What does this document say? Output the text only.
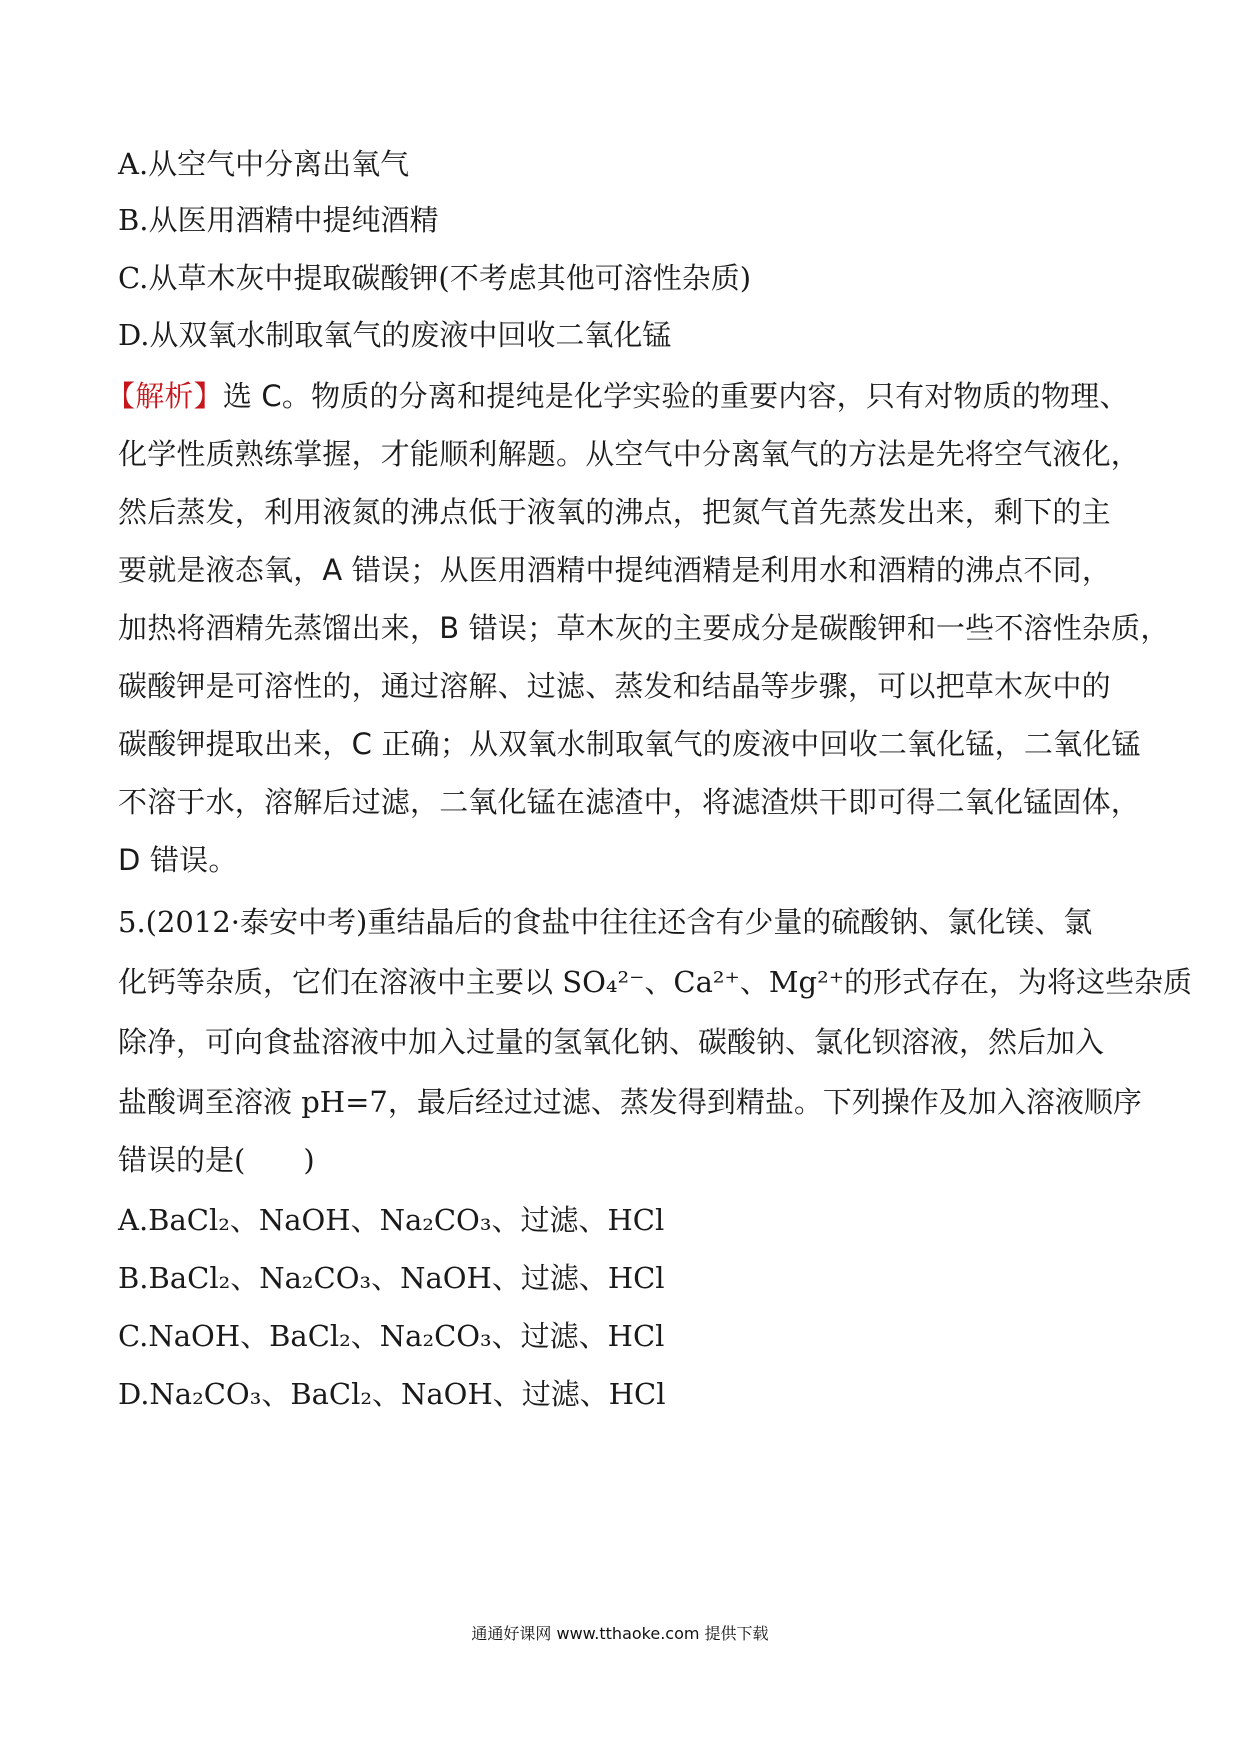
A.从空气中分离出氧气
B.从医用酒精中提纯酒精
C.从草木灰中提取碳酸钾(不考虑其他可溶性杂质)
D.从双氧水制取氧气的废液中回收二氧化锰
【解析】选 C。物质的分离和提纯是化学实验的重要内容，只有对物质的物理、
化学性质熟练掌握，才能顺利解题。从空气中分离氧气的方法是先将空气液化，
然后蒸发，利用液氮的沸点低于液氧的沸点，把氮气首先蒸发出来，剩下的主
要就是液态氧，A 错误；从医用酒精中提纯酒精是利用水和酒精的沸点不同，
加热将酒精先蒸馏出来，B 错误；草木灰的主要成分是碳酸钾和一些不溶性杂质，
碳酸钾是可溶性的，通过溶解、过滤、蒸发和结晶等步骤，可以把草木灰中的
碳酸钾提取出来，C 正确；从双氧水制取氧气的废液中回收二氧化锰，二氧化锰
不溶于水，溶解后过滤，二氧化锰在滤渣中，将滤渣烘干即可得二氧化锰固体，
D 错误。
5.(2012·泰安中考)重结晶后的食盐中往往还含有少量的硫酸钠、氯化镁、氯
化钙等杂质，它们在溶液中主要以 SO₄²⁻、Ca²⁺、Mg²⁺的形式存在，为将这些杂质
除净，可向食盐溶液中加入过量的氢氧化钠、碳酸钠、氯化钡溶液，然后加入
盐酸调至溶液 pH=7，最后经过过滤、蒸发得到精盐。下列操作及加入溶液顺序
错误的是(　　)
A.BaCl₂、NaOH、Na₂CO₃、过滤、HCl
B.BaCl₂、Na₂CO₃、NaOH、过滤、HCl
C.NaOH、BaCl₂、Na₂CO₃、过滤、HCl
D.Na₂CO₃、BaCl₂、NaOH、过滤、HCl
通通好课网 www.tthaoke.com 提供下载
